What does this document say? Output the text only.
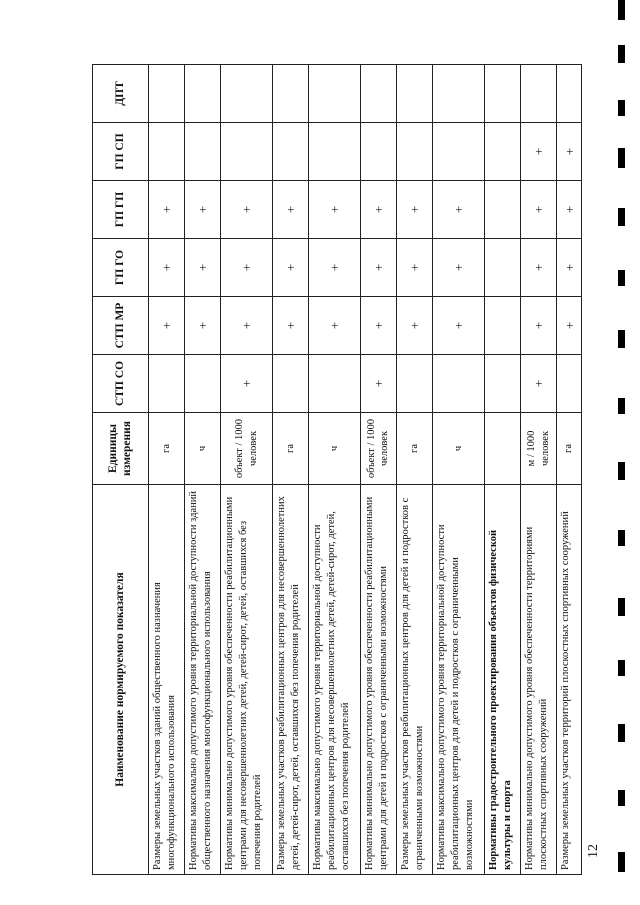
Наименование нормируемого показателя	Единицы измерения	СТП СО	СТП МР	ГП ГО	ГП ГП	ГП СП	ДПТ
Размеры земельных участков зданий общественного назначения многофункционального использования	га		+	+	+		
Нормативы максимально допустимого уровня территориальной доступности зданий общественного назначения многофункционального использования	ч		+	+	+		
Нормативы минимально допустимого уровня обеспеченности реабилитационными центрами для несовершеннолетних детей, детей-сирот, детей, оставшихся без попечения родителей	объект / 1000 человек	+	+	+	+		
Размеры земельных участков реабилитационных центров для несовершеннолетних детей, детей-сирот, детей, оставшихся без попечения родителей	га		+	+	+		
Нормативы максимально допустимого уровня территориальной доступности реабилитационных центров для несовершеннолетних детей, детей-сирот, детей, оставшихся без попечения родителей	ч		+	+	+		
Нормативы минимально допустимого уровня обеспеченности реабилитационными центрами для детей и подростков с ограниченными возможностями	объект / 1000 человек	+	+	+	+		
Размеры земельных участков реабилитационных центров для детей и подростков с ограниченными возможностями	га		+	+	+		
Нормативы максимально допустимого уровня территориальной доступности реабилитационных центров для детей и подростков с ограниченными возможностями	ч		+	+	+		
Нормативы градостроительного проектирования объектов физической культуры и спорта							
Нормативы минимально допустимого уровня обеспеченности территориями плоскостных спортивных сооружений	м / 1000 человек	+	+	+	+	+	
Размеры земельных участков территорий плоскостных спортивных сооружений	га		+	+	+	+	
12
